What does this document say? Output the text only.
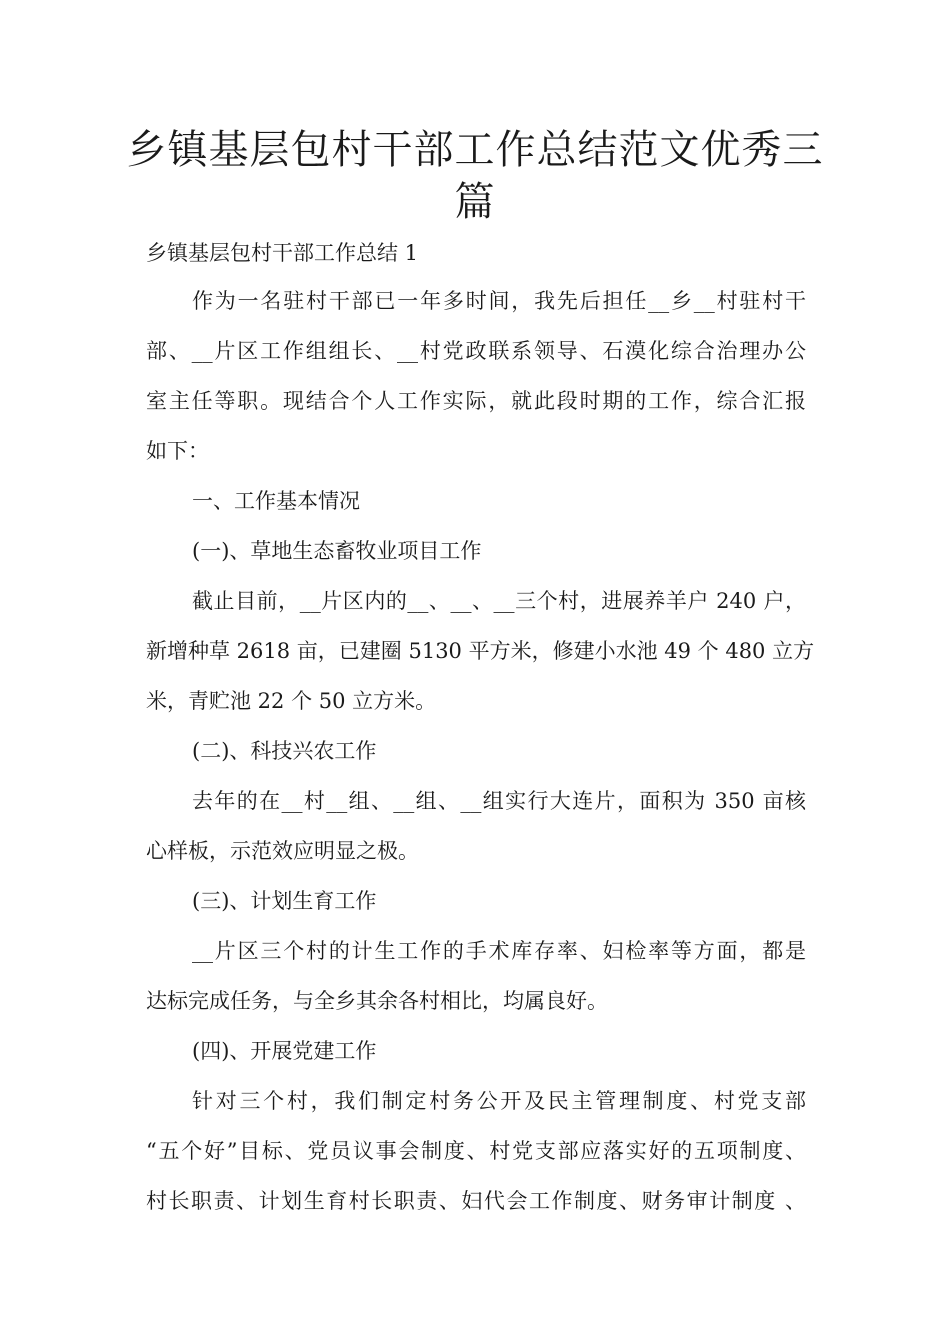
乡镇基层包村干部工作总结范文优秀三篇

乡镇基层包村干部工作总结 1

作为一名驻村干部已一年多时间，我先后担任__乡__村驻村干

部、__片区工作组组长、__村党政联系领导、石漠化综合治理办公

室主任等职。现结合个人工作实际，就此段时期的工作，综合汇报

如下：

一、工作基本情况

(一)、草地生态畜牧业项目工作

截止目前，__片区内的__、__、__三个村，进展养羊户 240 户，

新增种草 2618 亩，已建圈 5130 平方米，修建小水池 49 个 480 立方

米，青贮池 22 个 50 立方米。

(二)、科技兴农工作

去年的在__村__组、__组、__组实行大连片，面积为 350 亩核

心样板，示范效应明显之极。

(三)、计划生育工作

__片区三个村的计生工作的手术库存率、妇检率等方面，都是

达标完成任务，与全乡其余各村相比，均属良好。

(四)、开展党建工作

针对三个村，我们制定村务公开及民主管理制度、村党支部

“五个好”目标、党员议事会制度、村党支部应落实好的五项制度、

村长职责、计划生育村长职责、妇代会工作制度、财务审计制度 、
